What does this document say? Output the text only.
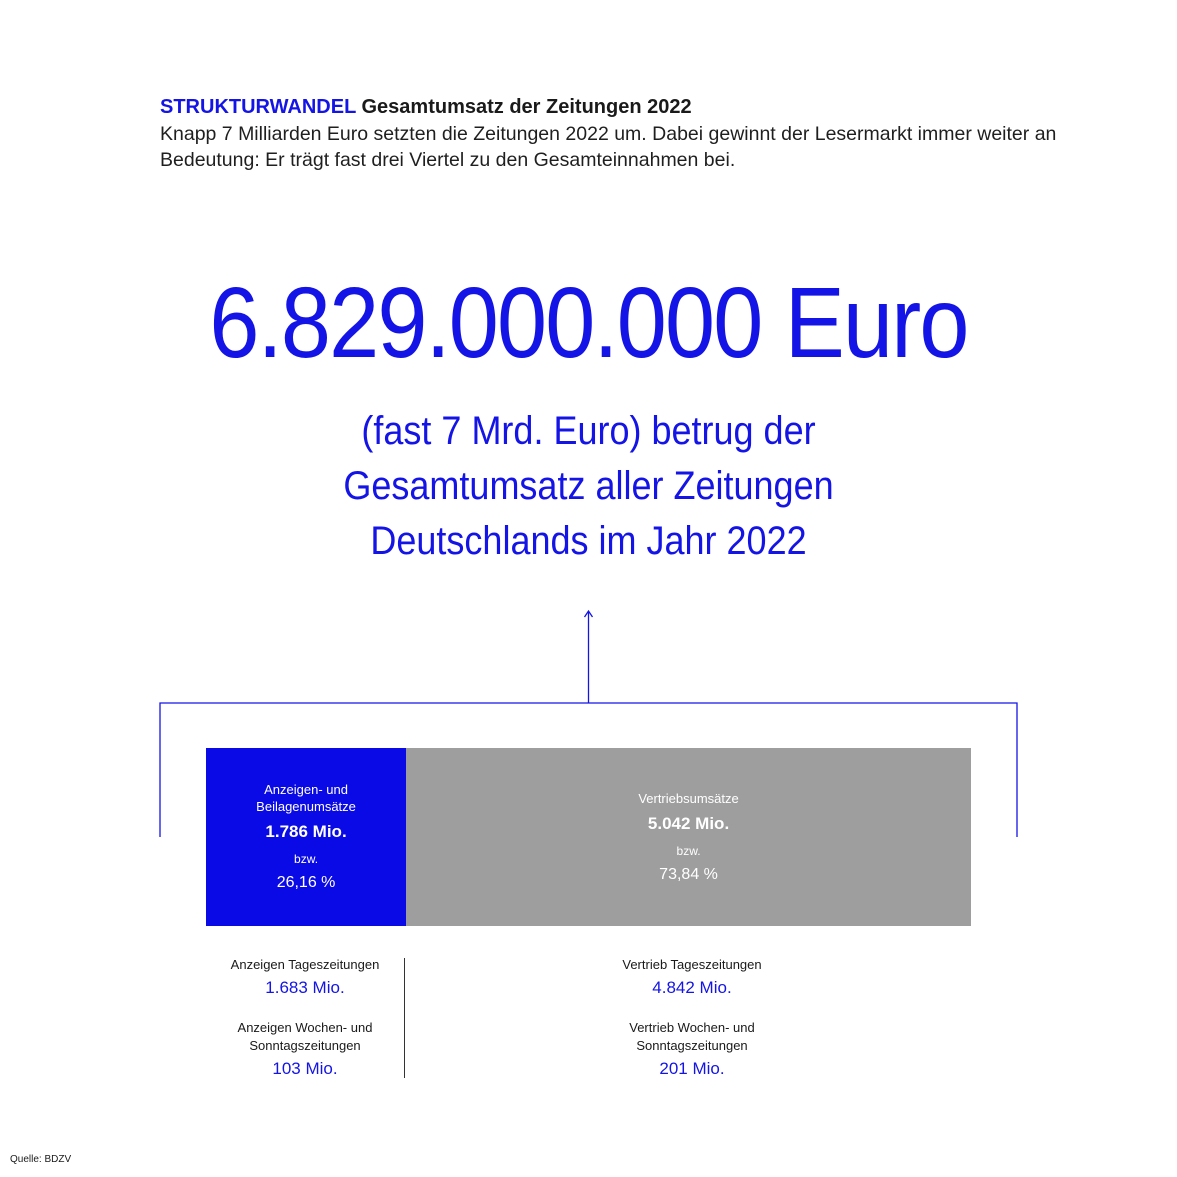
STRUKTURWANDEL Gesamtumsatz der Zeitungen 2022
Knapp 7 Milliarden Euro setzten die Zeitungen 2022 um. Dabei gewinnt der Lesermarkt immer weiter an Bedeutung: Er trägt fast drei Viertel zu den Gesamteinnahmen bei.
6.829.000.000 Euro
(fast 7 Mrd. Euro) betrug der
Gesamtumsatz aller Zeitungen
Deutschlands im Jahr 2022
Anzeigen- und
Beilagenumsätze
1.786 Mio.
bzw.
26,16 %
Vertriebsumsätze
5.042 Mio.
bzw.
73,84 %
Anzeigen Tageszeitungen
1.683 Mio.
Anzeigen Wochen- und
Sonntagszeitungen
103 Mio.
Vertrieb Tageszeitungen
4.842 Mio.
Vertrieb Wochen- und
Sonntagszeitungen
201 Mio.
Quelle: BDZV
